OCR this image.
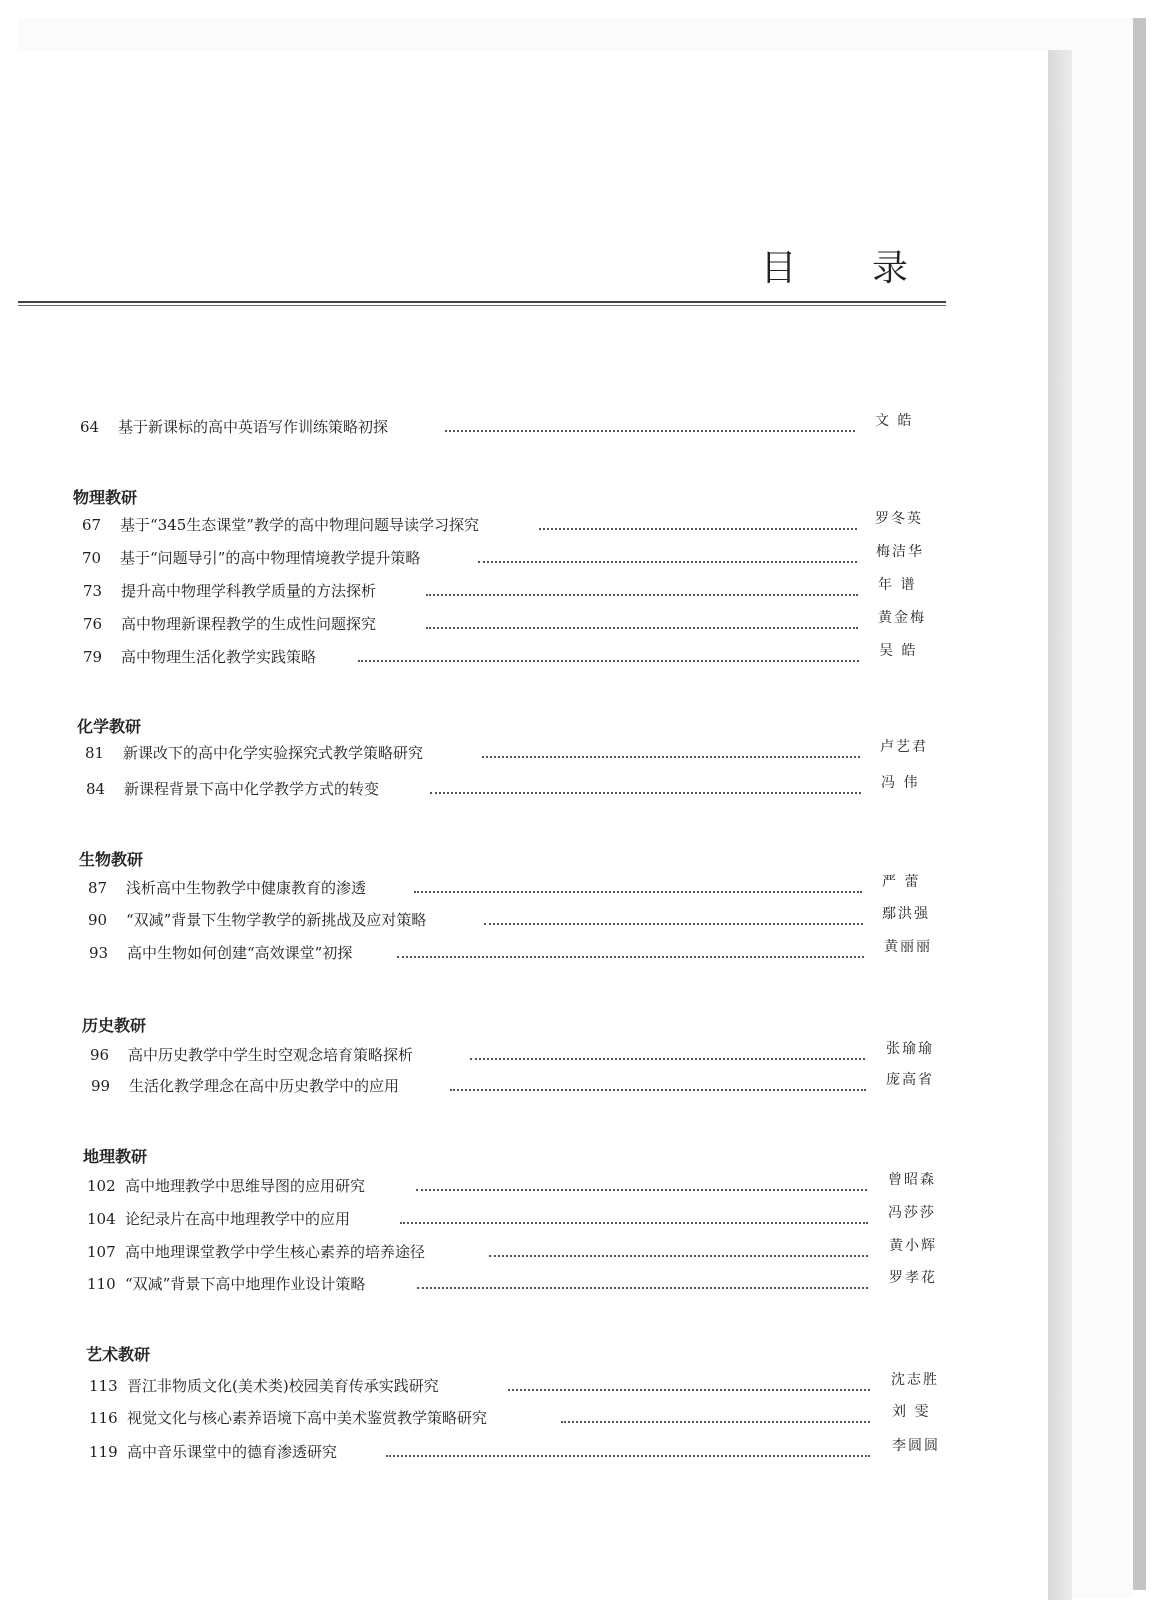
目 录
64	基于新课标的高中英语写作训练策略初探	文 皓
物理教研
67	基于“345生态课堂”教学的高中物理问题导读学习探究	罗冬英
70	基于“问题导引”的高中物理情境教学提升策略	梅洁华
73	提升高中物理学科教学质量的方法探析	年 谱
76	高中物理新课程教学的生成性问题探究	黄金梅
79	高中物理生活化教学实践策略	吴 皓
化学教研
81	新课改下的高中化学实验探究式教学策略研究	卢艺君
84	新课程背景下高中化学教学方式的转变	冯 伟
生物教研
87	浅析高中生物教学中健康教育的渗透	严 蕾
90	“双减”背景下生物学教学的新挑战及应对策略	鄢洪强
93	高中生物如何创建“高效课堂”初探	黄丽丽
历史教研
96	高中历史教学中学生时空观念培育策略探析	张瑜瑜
99	生活化教学理念在高中历史教学中的应用	庞高省
地理教研
102 高中地理教学中思维导图的应用研究	曾昭森
104 论纪录片在高中地理教学中的应用	冯莎莎
107 高中地理课堂教学中学生核心素养的培养途径	黄小辉
110 “双减”背景下高中地理作业设计策略	罗孝花
艺术教研
113 晋江非物质文化(美术类)校园美育传承实践研究	沈志胜
116 视觉文化与核心素养语境下高中美术鉴赏教学策略研究	刘 雯
119 高中音乐课堂中的德育渗透研究	李圆圆
